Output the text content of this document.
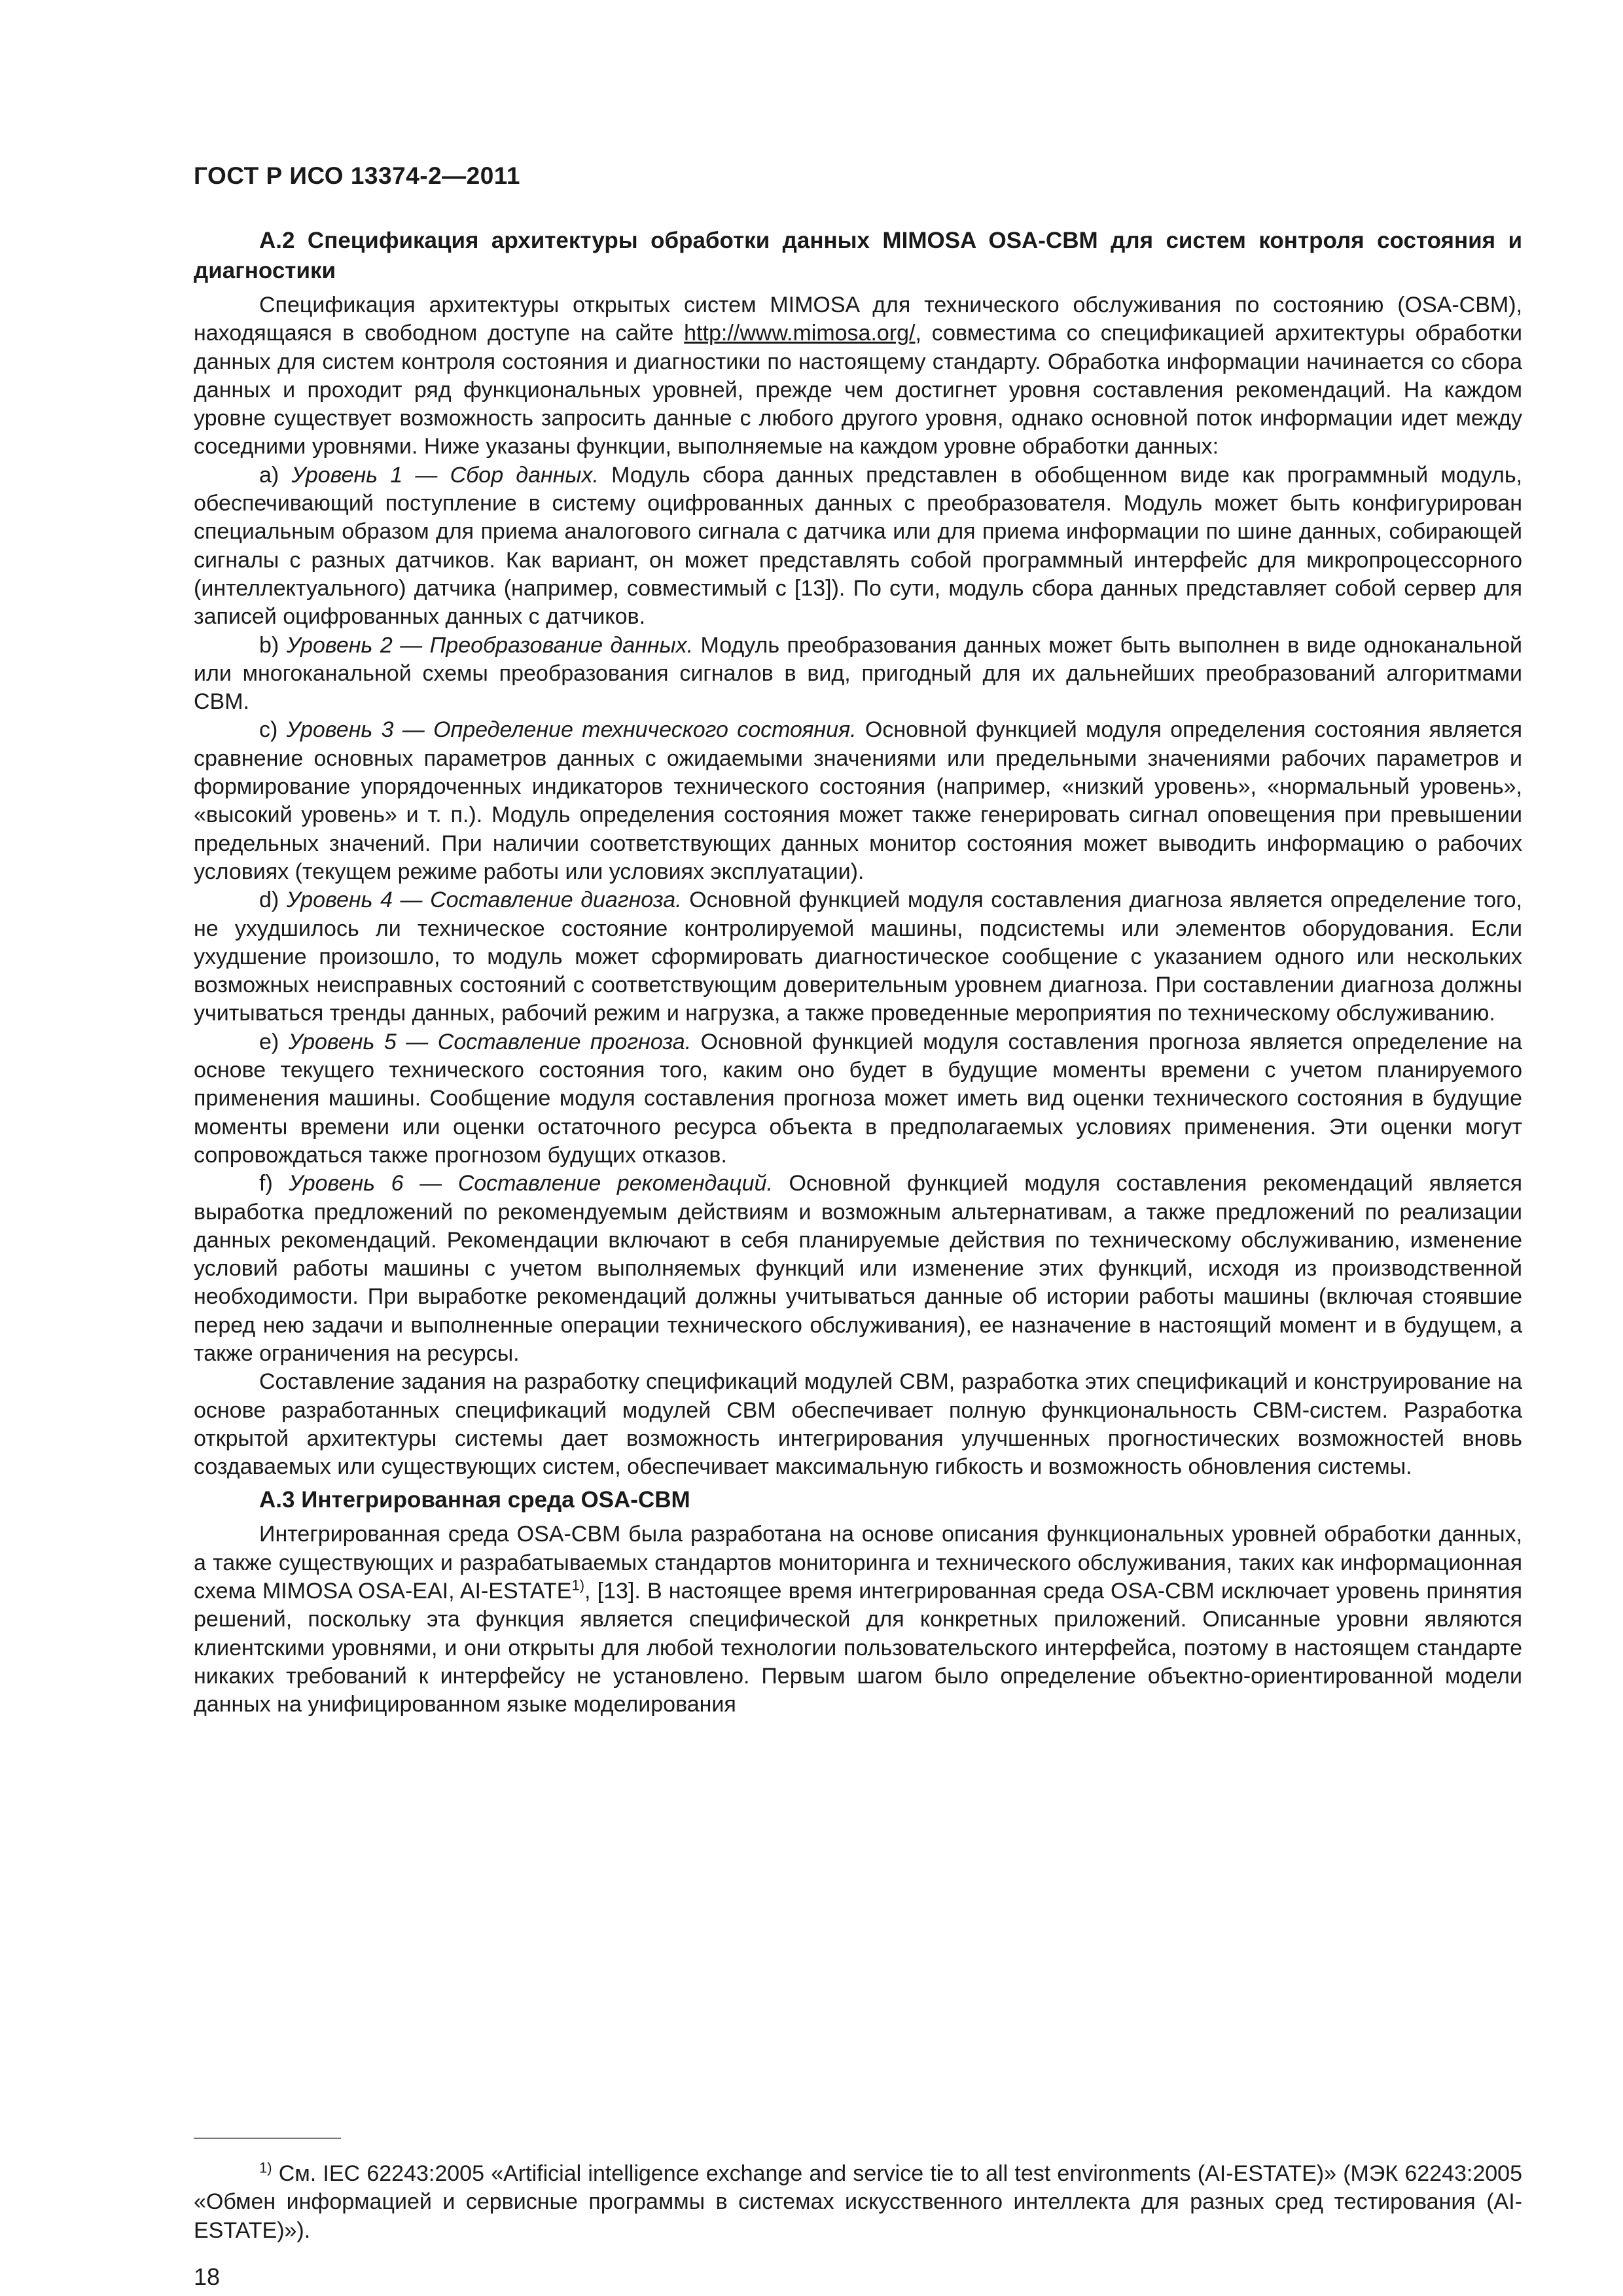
ГОСТ Р ИСО 13374-2—2011

А.2 Спецификация архитектуры обработки данных MIMOSA OSA-CBM для систем контроля состояния и диагностики

Спецификация архитектуры открытых систем MIMOSA для технического обслуживания по состоянию (OSA-CBM), находящаяся в свободном доступе на сайте http://www.mimosa.org/, совместима со спецификацией архитектуры обработки данных для систем контроля состояния и диагностики по настоящему стандарту. Обработка информации начинается со сбора данных и проходит ряд функциональных уровней, прежде чем достигнет уровня составления рекомендаций. На каждом уровне существует возможность запросить данные с любого другого уровня, однако основной поток информации идет между соседними уровнями. Ниже указаны функции, выполняемые на каждом уровне обработки данных:

a) Уровень 1 — Сбор данных. Модуль сбора данных представлен в обобщенном виде как программный модуль, обеспечивающий поступление в систему оцифрованных данных с преобразователя. Модуль может быть конфигурирован специальным образом для приема аналогового сигнала с датчика или для приема информации по шине данных, собирающей сигналы с разных датчиков. Как вариант, он может представлять собой программный интерфейс для микропроцессорного (интеллектуального) датчика (например, совместимый с [13]). По сути, модуль сбора данных представляет собой сервер для записей оцифрованных данных с датчиков.

b) Уровень 2 — Преобразование данных. Модуль преобразования данных может быть выполнен в виде одноканальной или многоканальной схемы преобразования сигналов в вид, пригодный для их дальнейших преобразований алгоритмами CBM.

c) Уровень 3 — Определение технического состояния. Основной функцией модуля определения состояния является сравнение основных параметров данных с ожидаемыми значениями или предельными значениями рабочих параметров и формирование упорядоченных индикаторов технического состояния (например, «низкий уровень», «нормальный уровень», «высокий уровень» и т. п.). Модуль определения состояния может также генерировать сигнал оповещения при превышении предельных значений. При наличии соответствующих данных монитор состояния может выводить информацию о рабочих условиях (текущем режиме работы или условиях эксплуатации).

d) Уровень 4 — Составление диагноза. Основной функцией модуля составления диагноза является определение того, не ухудшилось ли техническое состояние контролируемой машины, подсистемы или элементов оборудования. Если ухудшение произошло, то модуль может сформировать диагностическое сообщение с указанием одного или нескольких возможных неисправных состояний с соответствующим доверительным уровнем диагноза. При составлении диагноза должны учитываться тренды данных, рабочий режим и нагрузка, а также проведенные мероприятия по техническому обслуживанию.

e) Уровень 5 — Составление прогноза. Основной функцией модуля составления прогноза является определение на основе текущего технического состояния того, каким оно будет в будущие моменты времени с учетом планируемого применения машины. Сообщение модуля составления прогноза может иметь вид оценки технического состояния в будущие моменты времени или оценки остаточного ресурса объекта в предполагаемых условиях применения. Эти оценки могут сопровождаться также прогнозом будущих отказов.

f) Уровень 6 — Составление рекомендаций. Основной функцией модуля составления рекомендаций является выработка предложений по рекомендуемым действиям и возможным альтернативам, а также предложений по реализации данных рекомендаций. Рекомендации включают в себя планируемые действия по техническому обслуживанию, изменение условий работы машины с учетом выполняемых функций или изменение этих функций, исходя из производственной необходимости. При выработке рекомендаций должны учитываться данные об истории работы машины (включая стоявшие перед нею задачи и выполненные операции технического обслуживания), ее назначение в настоящий момент и в будущем, а также ограничения на ресурсы.

Составление задания на разработку спецификаций модулей CBM, разработка этих спецификаций и конструирование на основе разработанных спецификаций модулей CBM обеспечивает полную функциональность CBM-систем. Разработка открытой архитектуры системы дает возможность интегрирования улучшенных прогностических возможностей вновь создаваемых или существующих систем, обеспечивает максимальную гибкость и возможность обновления системы.

А.3 Интегрированная среда OSA-CBM

Интегрированная среда OSA-CBM была разработана на основе описания функциональных уровней обработки данных, а также существующих и разрабатываемых стандартов мониторинга и технического обслуживания, таких как информационная схема MIMOSA OSA-EAI, AI-ESTATE$^{1)}$, [13]. В настоящее время интегрированная среда OSA-CBM исключает уровень принятия решений, поскольку эта функция является специфической для конкретных приложений. Описанные уровни являются клиентскими уровнями, и они открыты для любой технологии пользовательского интерфейса, поэтому в настоящем стандарте никаких требований к интерфейсу не установлено. Первым шагом было определение объектно-ориентированной модели данных на унифицированном языке моделирования

$^{1)}$ См. IEC 62243:2005 «Artificial intelligence exchange and service tie to all test environments (AI-ESTATE)» (МЭК 62243:2005 «Обмен информацией и сервисные программы в системах искусственного интеллекта для разных сред тестирования (AI-ESTATE)»).

18
